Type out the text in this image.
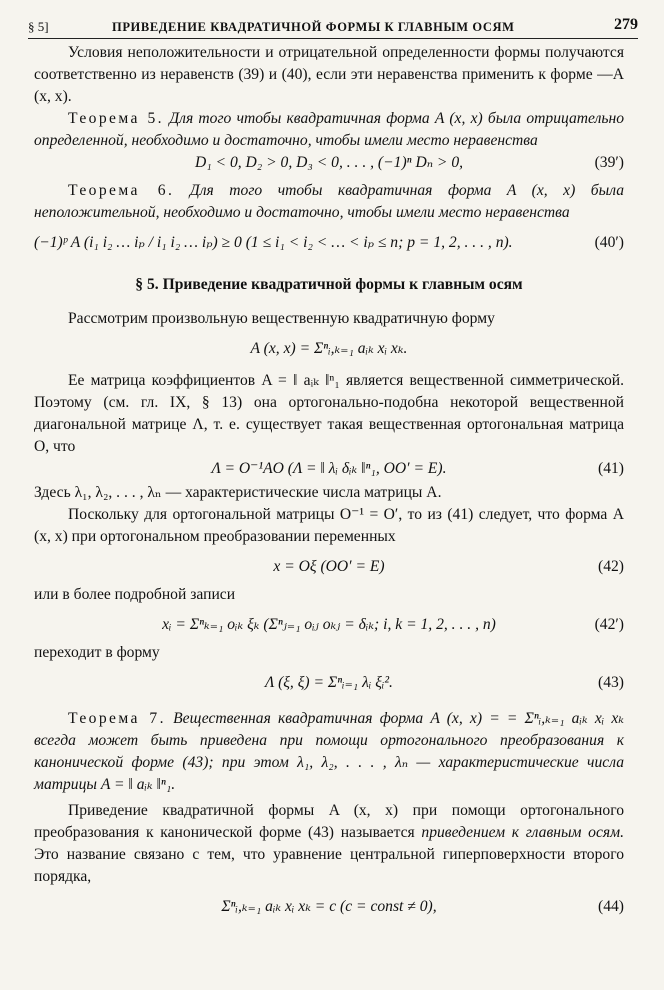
§ 5]	ПРИВЕДЕНИЕ КВАДРАТИЧНОЙ ФОРМЫ К ГЛАВНЫМ ОСЯМ	279

Условия неположительности и отрицательной определенности формы получаются соответственно из неравенств (39) и (40), если эти неравенства применить к форме —A (x, x).

Теорема 5. Для того чтобы квадратичная форма A (x, x) была отрицательно определенной, необходимо и достаточно, чтобы имели место неравенства

D₁ < 0, D₂ > 0, D₃ < 0, . . . , (−1)ⁿ Dₙ > 0,	(39′)

Теорема 6. Для того чтобы квадратичная форма A (x, x) была неположительной, необходимо и достаточно, чтобы имели место неравенства

(−1)ᵖ A (i₁ i₂ … iₚ / i₁ i₂ … iₚ) ≥ 0 (1 ≤ i₁ < i₂ < … < iₚ ≤ n; p = 1, 2, . . . , n).	(40′)
§ 5. Приведение квадратичной формы к главным осям

Рассмотрим произвольную вещественную квадратичную форму

A (x, x) = Σⁿᵢ,ₖ₌₁ aᵢₖ xᵢ xₖ.

Ее матрица коэффициентов A = ‖ aᵢₖ ‖ⁿ₁ является вещественной симметрической. Поэтому (см. гл. IX, § 13) она ортогонально-подобна некоторой вещественной диагональной матрице Λ, т. е. существует такая вещественная ортогональная матрица O, что

Λ = O⁻¹AO (Λ = ‖ λᵢ δᵢₖ ‖ⁿ₁, OO′ = E).	(41)

Здесь λ₁, λ₂, . . . , λₙ — характеристические числа матрицы A.

Поскольку для ортогональной матрицы O⁻¹ = O′, то из (41) следует, что форма A (x, x) при ортогональном преобразовании переменных

x = Oξ (OO′ = E)	(42)

или в более подробной записи

xᵢ = Σⁿₖ₌₁ oᵢₖ ξₖ (Σⁿⱼ₌₁ oᵢⱼ oₖⱼ = δᵢₖ; i, k = 1, 2, . . . , n)	(42′)

переходит в форму

Λ (ξ, ξ) = Σⁿᵢ₌₁ λᵢ ξᵢ².	(43)

Теорема 7. Вещественная квадратичная форма A (x, x) = = Σⁿᵢ,ₖ₌₁ aᵢₖ xᵢ xₖ всегда может быть приведена при помощи ортогонального преобразования к канонической форме (43); при этом λ₁, λ₂, . . . , λₙ — характеристические числа матрицы A = ‖ aᵢₖ ‖ⁿ₁.

Приведение квадратичной формы A (x, x) при помощи ортогонального преобразования к канонической форме (43) называется приведением к главным осям. Это название связано с тем, что уравнение центральной гиперповерхности второго порядка,

Σⁿᵢ,ₖ₌₁ aᵢₖ xᵢ xₖ = c (c = const ≠ 0),	(44)
